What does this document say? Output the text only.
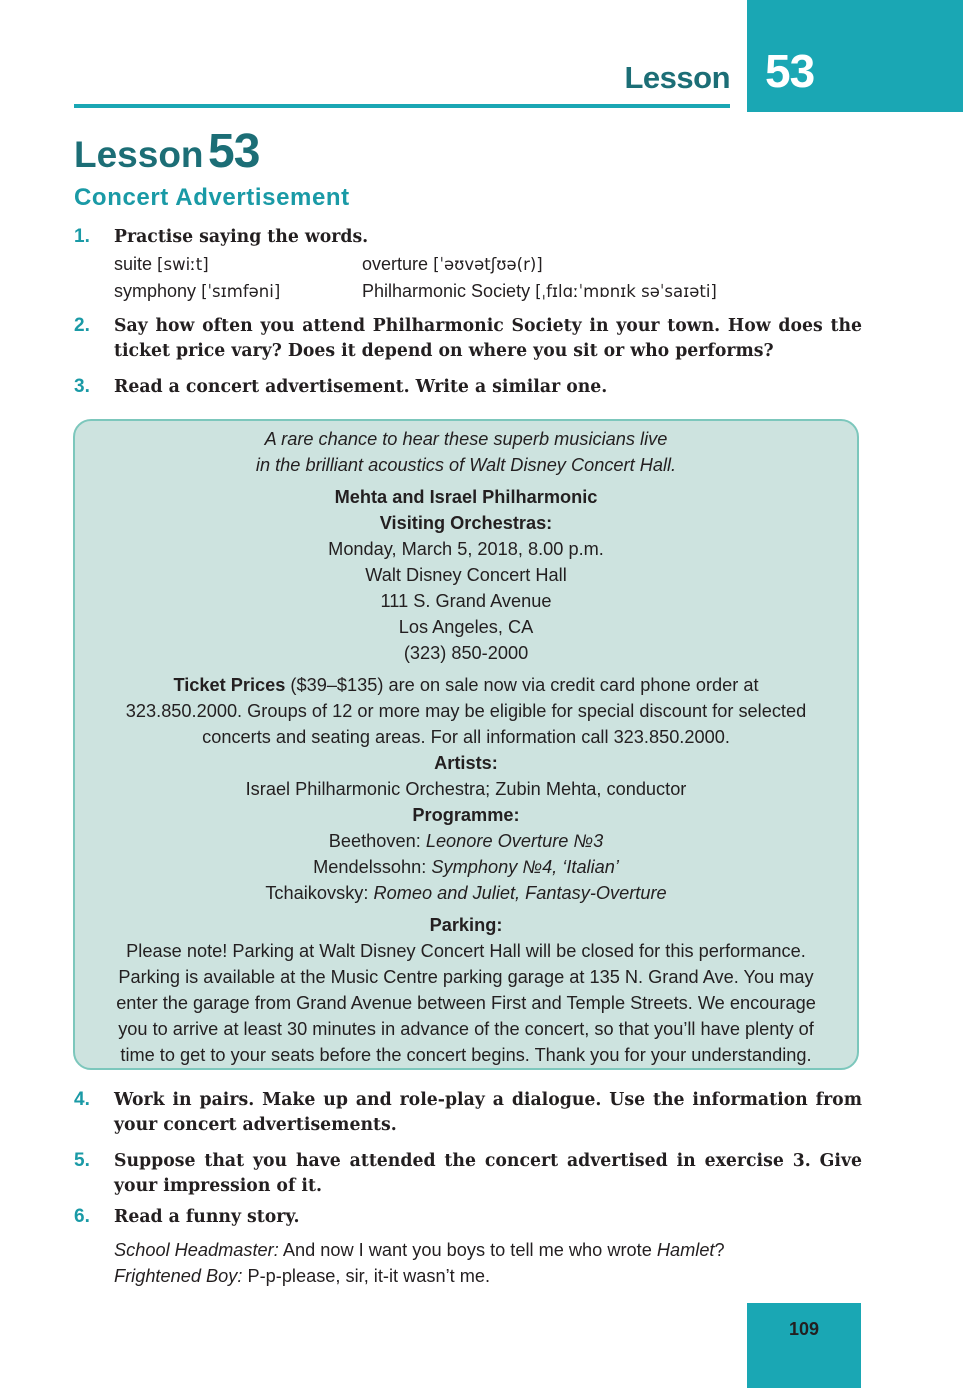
Lesson 53
Lesson 53
Concert Advertisement
1. Practise saying the words.
suite [swiːt]
symphony [ˈsɪmfəni]
overture [ˈəʊvətʃʊə(r)]
Philharmonic Society [ˌfɪlɑːˈmɒnɪk səˈsaɪəti]
2. Say how often you attend Philharmonic Society in your town. How does the ticket price vary? Does it depend on where you sit or who performs?
3. Read a concert advertisement. Write a similar one.
A rare chance to hear these superb musicians live
in the brilliant acoustics of Walt Disney Concert Hall.
Mehta and Israel Philharmonic
Visiting Orchestras:
Monday, March 5, 2018, 8.00 p.m.
Walt Disney Concert Hall
111 S. Grand Avenue
Los Angeles, CA
(323) 850-2000
Ticket Prices ($39–$135) are on sale now via credit card phone order at
323.850.2000. Groups of 12 or more may be eligible for special discount for selected
concerts and seating areas. For all information call 323.850.2000.
Artists:
Israel Philharmonic Orchestra; Zubin Mehta, conductor
Programme:
Beethoven: Leonore Overture №3
Mendelssohn: Symphony №4, ‘Italian’
Tchaikovsky: Romeo and Juliet, Fantasy-Overture
Parking:
Please note! Parking at Walt Disney Concert Hall will be closed for this performance.
Parking is available at the Music Centre parking garage at 135 N. Grand Ave. You may
enter the garage from Grand Avenue between First and Temple Streets. We encourage
you to arrive at least 30 minutes in advance of the concert, so that you’ll have plenty of
time to get to your seats before the concert begins. Thank you for your understanding.
4. Work in pairs. Make up and role-play a dialogue. Use the information from your concert advertisements.
5. Suppose that you have attended the concert advertised in exercise 3. Give your impression of it.
6. Read a funny story.
School Headmaster: And now I want you boys to tell me who wrote Hamlet?
Frightened Boy: P-p-please, sir, it-it wasn’t me.
109
